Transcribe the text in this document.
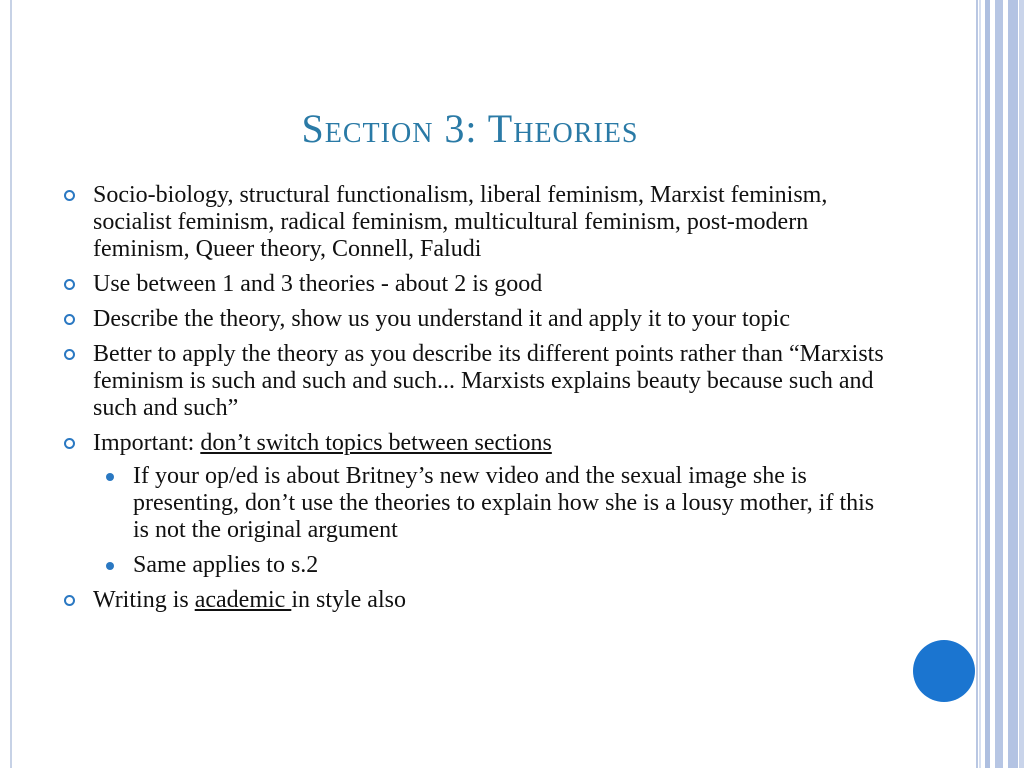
Section 3: Theories
Socio-biology, structural functionalism, liberal feminism, Marxist feminism, socialist feminism, radical feminism, multicultural feminism, post-modern feminism, Queer theory, Connell, Faludi
Use between 1 and 3 theories - about 2 is good
Describe the theory, show us you understand it and apply it to your topic
Better to apply the theory as you describe its different points rather than “Marxists feminism is such and such and such... Marxists explains beauty because such and such and such”
Important: don’t switch topics between sections
If your op/ed is about Britney’s new video and the sexual image she is presenting, don’t use the theories to explain how she is a lousy mother, if this is not the original argument
Same applies to s.2
Writing is academic in style also
